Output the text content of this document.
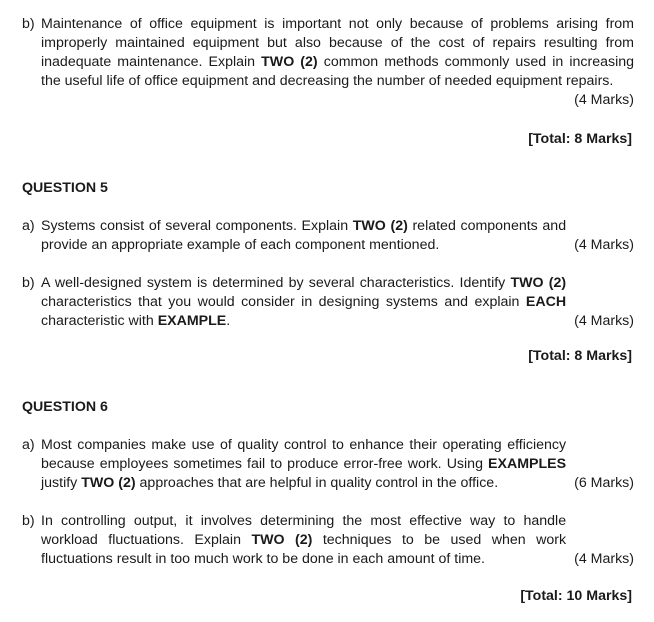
b) Maintenance of office equipment is important not only because of problems arising from improperly maintained equipment but also because of the cost of repairs resulting from inadequate maintenance. Explain TWO (2) common methods commonly used in increasing the useful life of office equipment and decreasing the number of needed equipment repairs.
(4 Marks)
[Total: 8 Marks]
QUESTION 5
a)
(4 Marks)
Systems consist of several components. Explain TWO (2) related components and provide an appropriate example of each component mentioned.
b)
(4 Marks)
A well-designed system is determined by several characteristics. Identify TWO (2) characteristics that you would consider in designing systems and explain EACH characteristic with EXAMPLE.
[Total: 8 Marks]
QUESTION 6
a)
(6 Marks)
Most companies make use of quality control to enhance their operating efficiency because employees sometimes fail to produce error-free work. Using EXAMPLES justify TWO (2) approaches that are helpful in quality control in the office.
b)
(4 Marks)
In controlling output, it involves determining the most effective way to handle workload fluctuations. Explain TWO (2) techniques to be used when work fluctuations result in too much work to be done in each amount of time.
[Total: 10 Marks]
